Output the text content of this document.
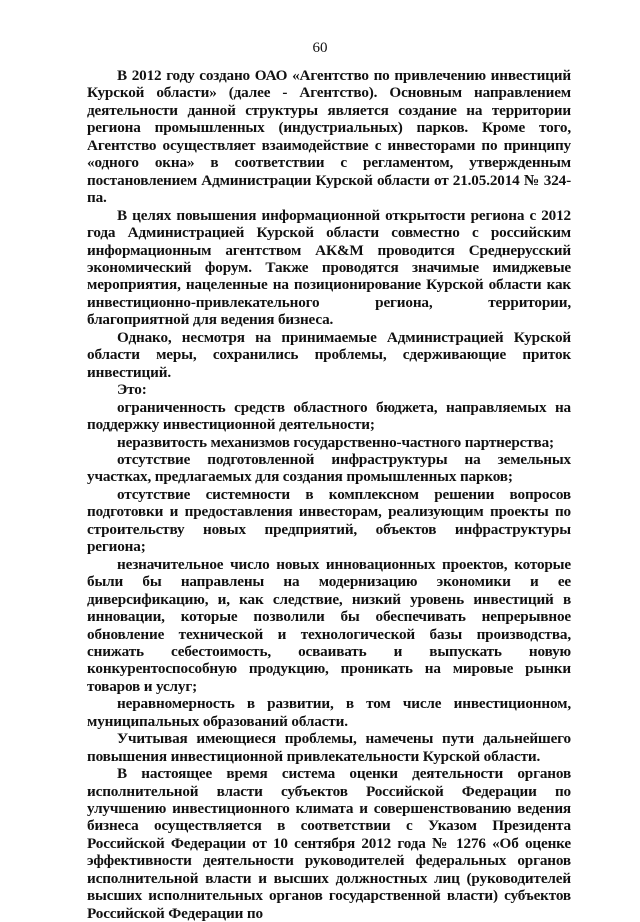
60

В 2012 году создано ОАО «Агентство по привлечению инвестиций Курской области» (далее - Агентство). Основным направлением деятельности данной структуры является создание на территории региона промышленных (индустриальных) парков. Кроме того, Агентство осуществляет взаимодействие с инвесторами по принципу «одного окна» в соответствии с регламентом, утвержденным постановлением Администрации Курской области от 21.05.2014 № 324-па.

В целях повышения информационной открытости региона с 2012 года Администрацией Курской области совместно с российским информационным агентством АК&М проводится Среднерусский экономический форум. Также проводятся значимые имиджевые мероприятия, нацеленные на позиционирование Курской области как инвестиционно-привлекательного региона, территории, благоприятной для ведения бизнеса.

Однако, несмотря на принимаемые Администрацией Курской области меры, сохранились проблемы, сдерживающие приток инвестиций.

Это:

ограниченность средств областного бюджета, направляемых на поддержку инвестиционной деятельности;

неразвитость механизмов государственно-частного партнерства;

отсутствие подготовленной инфраструктуры на земельных участках, предлагаемых для создания промышленных парков;

отсутствие системности в комплексном решении вопросов подготовки и предоставления инвесторам, реализующим проекты по строительству новых предприятий, объектов инфраструктуры региона;

незначительное число новых инновационных проектов, которые были бы направлены на модернизацию экономики и ее диверсификацию, и, как следствие, низкий уровень инвестиций в инновации, которые позволили бы обеспечивать непрерывное обновление технической и технологической базы производства, снижать себестоимость, осваивать и выпускать новую конкурентоспособную продукцию, проникать на мировые рынки товаров и услуг;

неравномерность в развитии, в том числе инвестиционном, муниципальных образований области.

Учитывая имеющиеся проблемы, намечены пути дальнейшего повышения инвестиционной привлекательности Курской области.

В настоящее время система оценки деятельности органов исполнительной власти субъектов Российской Федерации по улучшению инвестиционного климата и совершенствованию ведения бизнеса осуществляется в соответствии с Указом Президента Российской Федерации от 10 сентября 2012 года № 1276 «Об оценке эффективности деятельности руководителей федеральных органов исполнительной власти и высших должностных лиц (руководителей высших исполнительных органов государственной власти) субъектов Российской Федерации по
